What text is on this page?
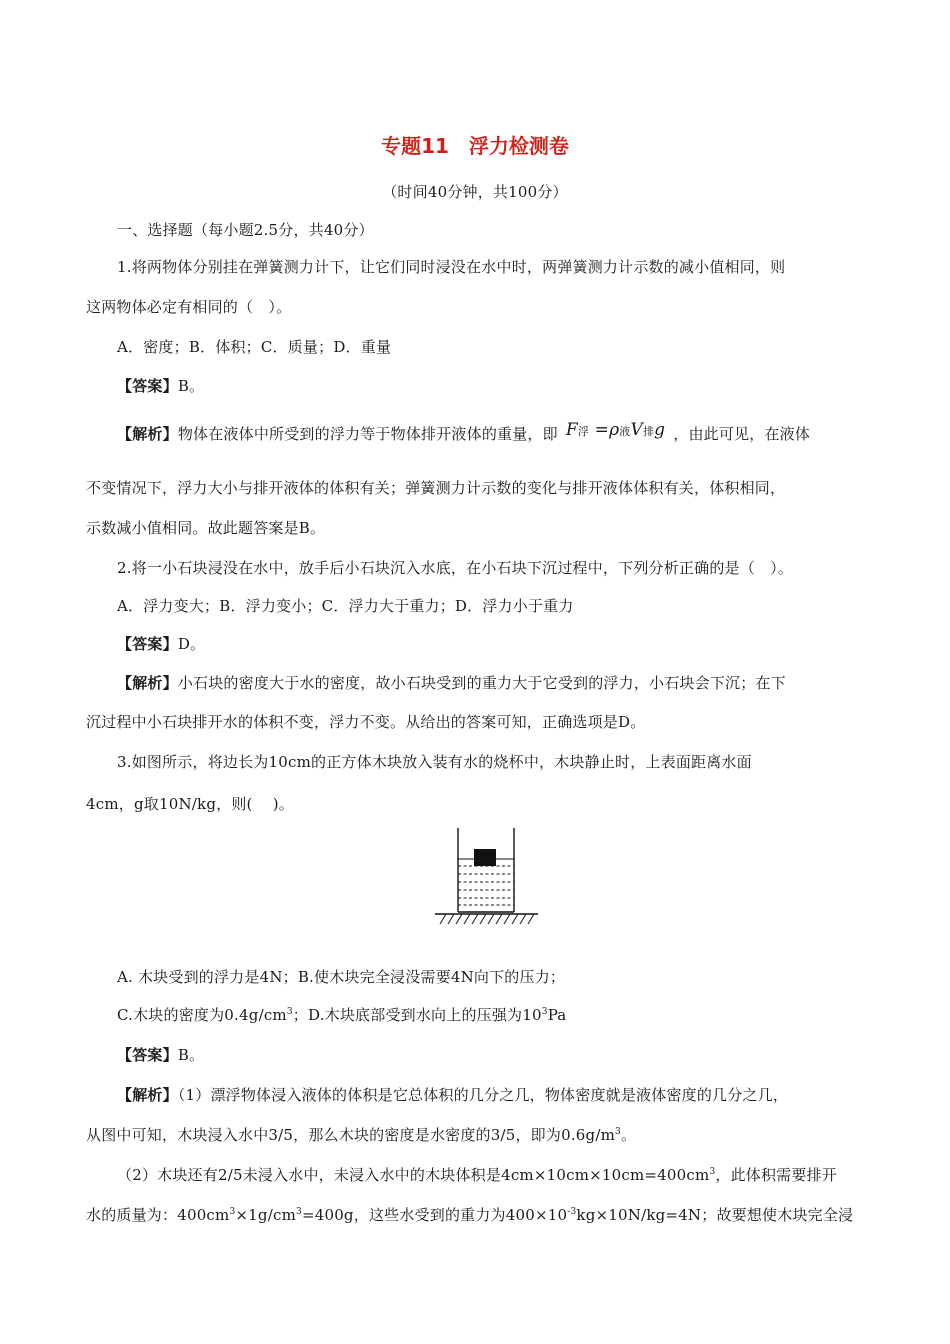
专题11　浮力检测卷
（时间40分钟，共100分）
一、选择题（每小题2.5分，共40分）
1.将两物体分别挂在弹簧测力计下，让它们同时浸没在水中时，两弹簧测力计示数的减小值相同，则
这两物体必定有相同的（　）。
A．密度；B．体积；C．质量；D．重量
【答案】B。
【解析】物体在液体中所受到的浮力等于物体排开液体的重量，即 F浮 =ρ液V排g ，由此可见，在液体
不变情况下，浮力大小与排开液体的体积有关；弹簧测力计示数的变化与排开液体体积有关，体积相同，
示数减小值相同。故此题答案是B。
2.将一小石块浸没在水中，放手后小石块沉入水底，在小石块下沉过程中，下列分析正确的是（　）。
A．浮力变大；B．浮力变小；C．浮力大于重力；D．浮力小于重力
【答案】D。
【解析】小石块的密度大于水的密度，故小石块受到的重力大于它受到的浮力，小石块会下沉；在下
沉过程中小石块排开水的体积不变，浮力不变。从给出的答案可知，正确选项是D。
3.如图所示，将边长为10cm的正方体木块放入装有水的烧杯中，木块静止时，上表面距离水面
4cm，g取10N/kg，则(　 )。
A. 木块受到的浮力是4N；B.使木块完全浸没需要4N向下的压力；
C.木块的密度为$0.4g/cm^3$；D.木块底部受到水向上的压强为$10^3Pa$
【答案】B。
【解析】（1）漂浮物体浸入液体的体积是它总体积的几分之几，物体密度就是液体密度的几分之几，
从图中可知，木块浸入水中3/5，那么木块的密度是水密度的3/5，即为$0.6g/m^3$。
（2）木块还有2/5未浸入水中，未浸入水中的木块体积是$4cm\times 10cm\times 10cm=400cm^3$，此体积需要排开
水的质量为：$400cm^3\times 1g/cm^3=400g$，这些水受到的重力为$400\times 10^{-3}kg\times 10N/kg=4N$；故要想使木块完全浸
